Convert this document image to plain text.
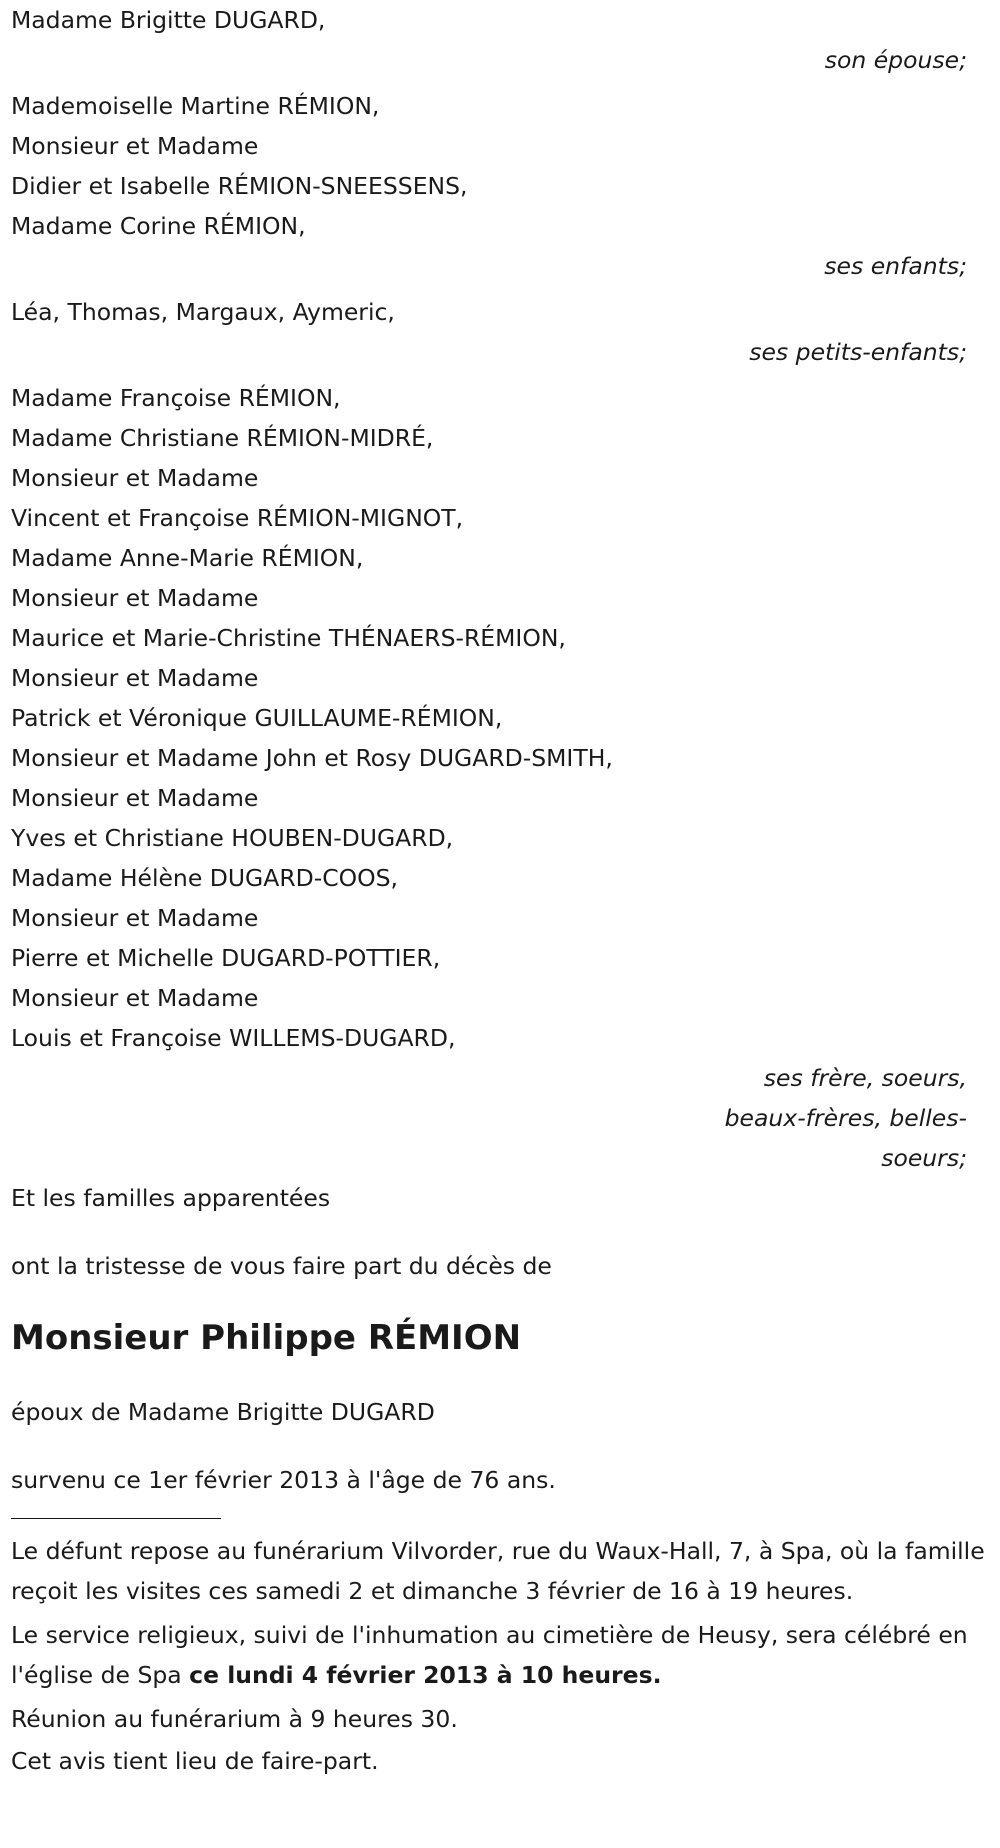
Madame Brigitte DUGARD,
son épouse;
Mademoiselle Martine RÉMION,
Monsieur et Madame
Didier et Isabelle RÉMION-SNEESSENS,
Madame Corine RÉMION,
ses enfants;
Léa, Thomas, Margaux, Aymeric,
ses petits-enfants;
Madame Françoise RÉMION,
Madame Christiane RÉMION-MIDRÉ,
Monsieur et Madame
Vincent et Françoise RÉMION-MIGNOT,
Madame Anne-Marie RÉMION,
Monsieur et Madame
Maurice et Marie-Christine THÉNAERS-RÉMION,
Monsieur et Madame
Patrick et Véronique GUILLAUME-RÉMION,
Monsieur et Madame John et Rosy DUGARD-SMITH,
Monsieur et Madame
Yves et Christiane HOUBEN-DUGARD,
Madame Hélène DUGARD-COOS,
Monsieur et Madame
Pierre et Michelle DUGARD-POTTIER,
Monsieur et Madame
Louis et Françoise WILLEMS-DUGARD,
ses frère, soeurs,
beaux-frères, belles-
soeurs;
Et les familles apparentées
ont la tristesse de vous faire part du décès de
Monsieur Philippe RÉMION
époux de Madame Brigitte DUGARD
survenu ce 1er février 2013 à l'âge de 76 ans.
Le défunt repose au funérarium Vilvorder, rue du Waux-Hall, 7, à Spa, où la famille reçoit les visites ces samedi 2 et dimanche 3 février de 16 à 19 heures.
Le service religieux, suivi de l'inhumation au cimetière de Heusy, sera célébré en l'église de Spa ce lundi 4 février 2013 à 10 heures.
Réunion au funérarium à 9 heures 30.
Cet avis tient lieu de faire-part.
